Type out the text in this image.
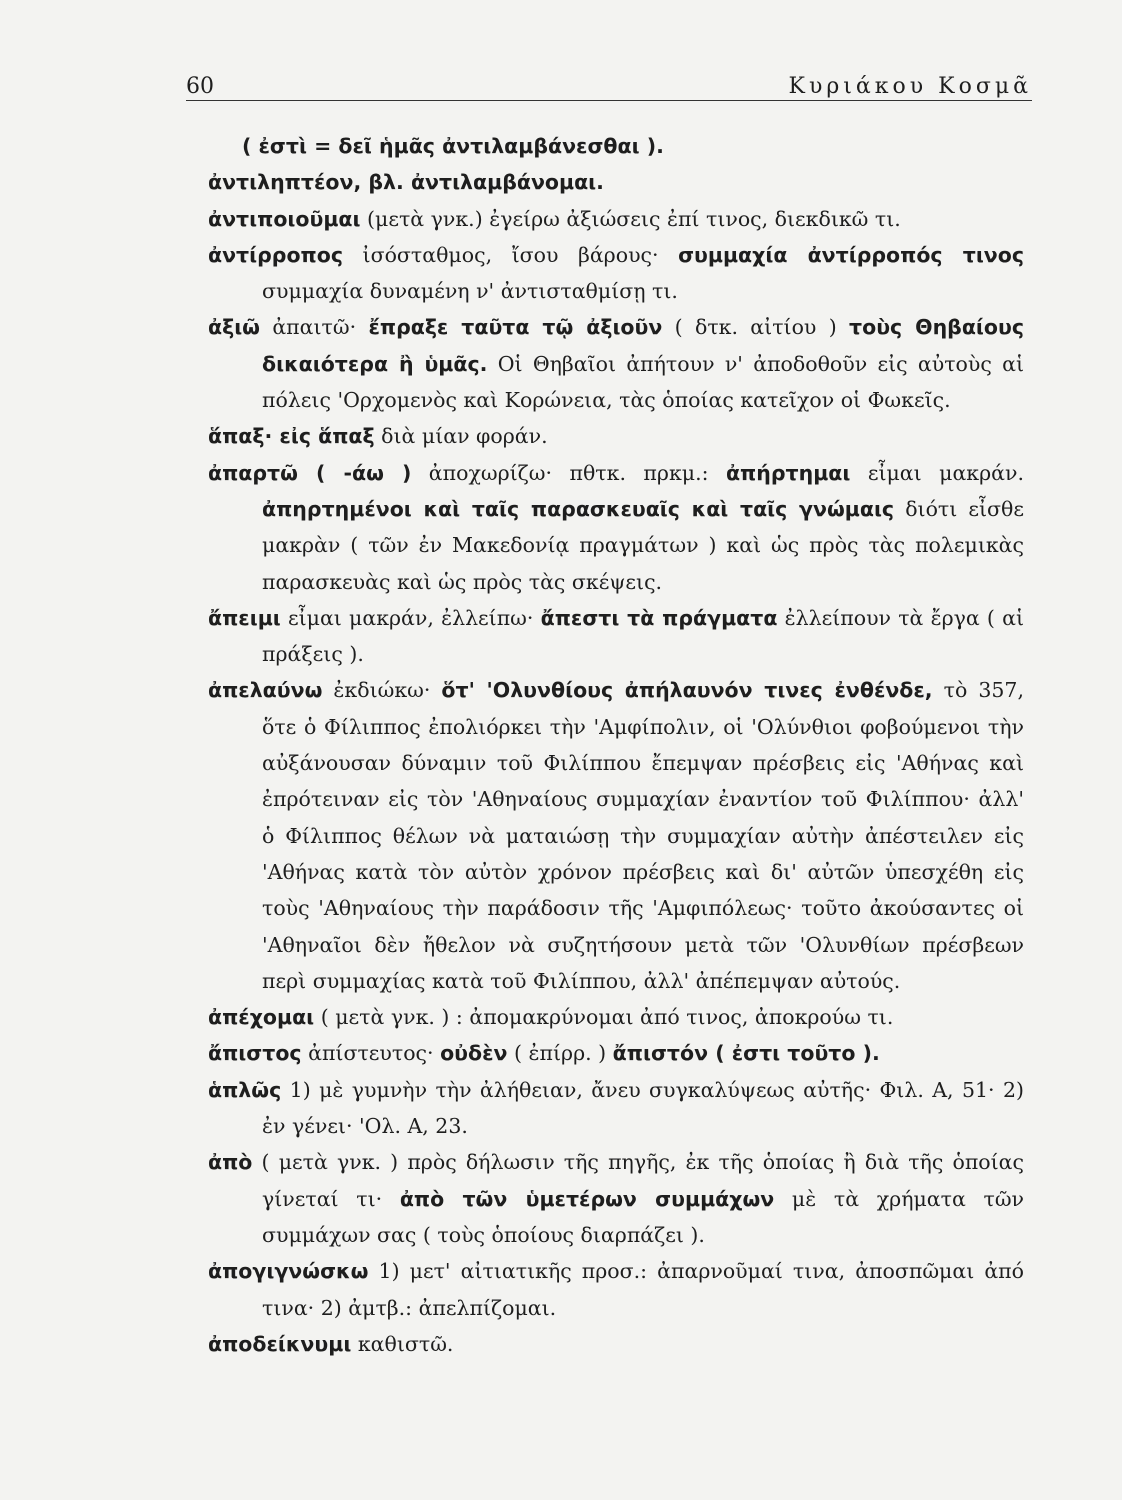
60	Κυριάκου Κοσμᾶ
( ἐστὶ = δεῖ ἡμᾶς ἀντιλαμβάνεσθαι ).
ἀντιληπτέον, βλ. ἀντιλαμβάνομαι.
ἀντιποιοῦμαι (μετὰ γνκ.) ἐγείρω ἀξιώσεις ἐπί τινος, διεκδικῶ τι.
ἀντίρροπος ἰσόσταθμος, ἴσου βάρους· συμμαχία ἀντίρροπός τινος συμμαχία δυναμένη ν' ἀντισταθμίσῃ τι.
ἀξιῶ ἀπαιτῶ· ἔπραξε ταῦτα τῷ ἀξιοῦν ( δτκ. αἰτίου ) τοὺς Θηβαίους δικαιότερα ἢ ὑμᾶς. Οἱ Θηβαῖοι ἀπήτουν ν' ἀποδοθοῦν εἰς αὐτοὺς αἱ πόλεις 'Ορχομενὸς καὶ Κορώνεια, τὰς ὁποίας κατεῖχον οἱ Φωκεῖς.
ἅπαξ· εἰς ἅπαξ διὰ μίαν φοράν.
ἀπαρτῶ ( -άω ) ἀποχωρίζω· πθτκ. πρκμ.: ἀπήρτημαι εἶμαι μακράν. ἀπηρτημένοι καὶ ταῖς παρασκευαῖς καὶ ταῖς γνώμαις διότι εἶσθε μακρὰν ( τῶν ἐν Μακεδονίᾳ πραγμάτων ) καὶ ὡς πρὸς τὰς πολεμικὰς παρασκευὰς καὶ ὡς πρὸς τὰς σκέψεις.
ἄπειμι εἶμαι μακράν, ἐλλείπω· ἄπεστι τὰ πράγματα ἐλλείπουν τὰ ἔργα ( αἱ πράξεις ).
ἀπελαύνω ἐκδιώκω· ὅτ' 'Ολυνθίους ἀπήλαυνόν τινες ἐνθένδε, τὸ 357, ὅτε ὁ Φίλιππος ἐπολιόρκει τὴν 'Αμφίπολιν, οἱ 'Ολύνθιοι φοβούμενοι τὴν αὐξάνουσαν δύναμιν τοῦ Φιλίππου ἔπεμψαν πρέσβεις εἰς 'Αθήνας καὶ ἐπρότειναν εἰς τὸν 'Αθηναίους συμμαχίαν ἐναντίον τοῦ Φιλίππου· ἀλλ' ὁ Φίλιππος θέλων νὰ ματαιώσῃ τὴν συμμαχίαν αὐτὴν ἀπέστειλεν εἰς 'Αθήνας κατὰ τὸν αὐτὸν χρόνον πρέσβεις καὶ δι' αὐτῶν ὑπεσχέθη εἰς τοὺς 'Αθηναίους τὴν παράδοσιν τῆς 'Αμφιπόλεως· τοῦτο ἀκούσαντες οἱ 'Αθηναῖοι δὲν ἤθελον νὰ συζητήσουν μετὰ τῶν 'Ολυνθίων πρέσβεων περὶ συμμαχίας κατὰ τοῦ Φιλίππου, ἀλλ' ἀπέπεμψαν αὐτούς.
ἀπέχομαι ( μετὰ γνκ. ) : ἀπομακρύνομαι ἀπό τινος, ἀποκρούω τι.
ἄπιστος ἀπίστευτος· οὐδὲν ( ἐπίρρ. ) ἄπιστόν ( ἐστι τοῦτο ).
ἁπλῶς 1) μὲ γυμνὴν τὴν ἀλήθειαν, ἄνευ συγκαλύψεως αὐτῆς· Φιλ. Α, 51· 2) ἐν γένει· 'Ολ. Α, 23.
ἀπὸ ( μετὰ γνκ. ) πρὸς δήλωσιν τῆς πηγῆς, ἐκ τῆς ὁποίας ἢ διὰ τῆς ὁποίας γίνεταί τι· ἀπὸ τῶν ὑμετέρων συμμάχων μὲ τὰ χρήματα τῶν συμμάχων σας ( τοὺς ὁποίους διαρπάζει ).
ἀπογιγνώσκω 1) μετ' αἰτιατικῆς προσ.: ἀπαρνοῦμαί τινα, ἀποσπῶμαι ἀπό τινα· 2) ἀμτβ.: ἀπελπίζομαι.
ἀποδείκνυμι καθιστῶ.
